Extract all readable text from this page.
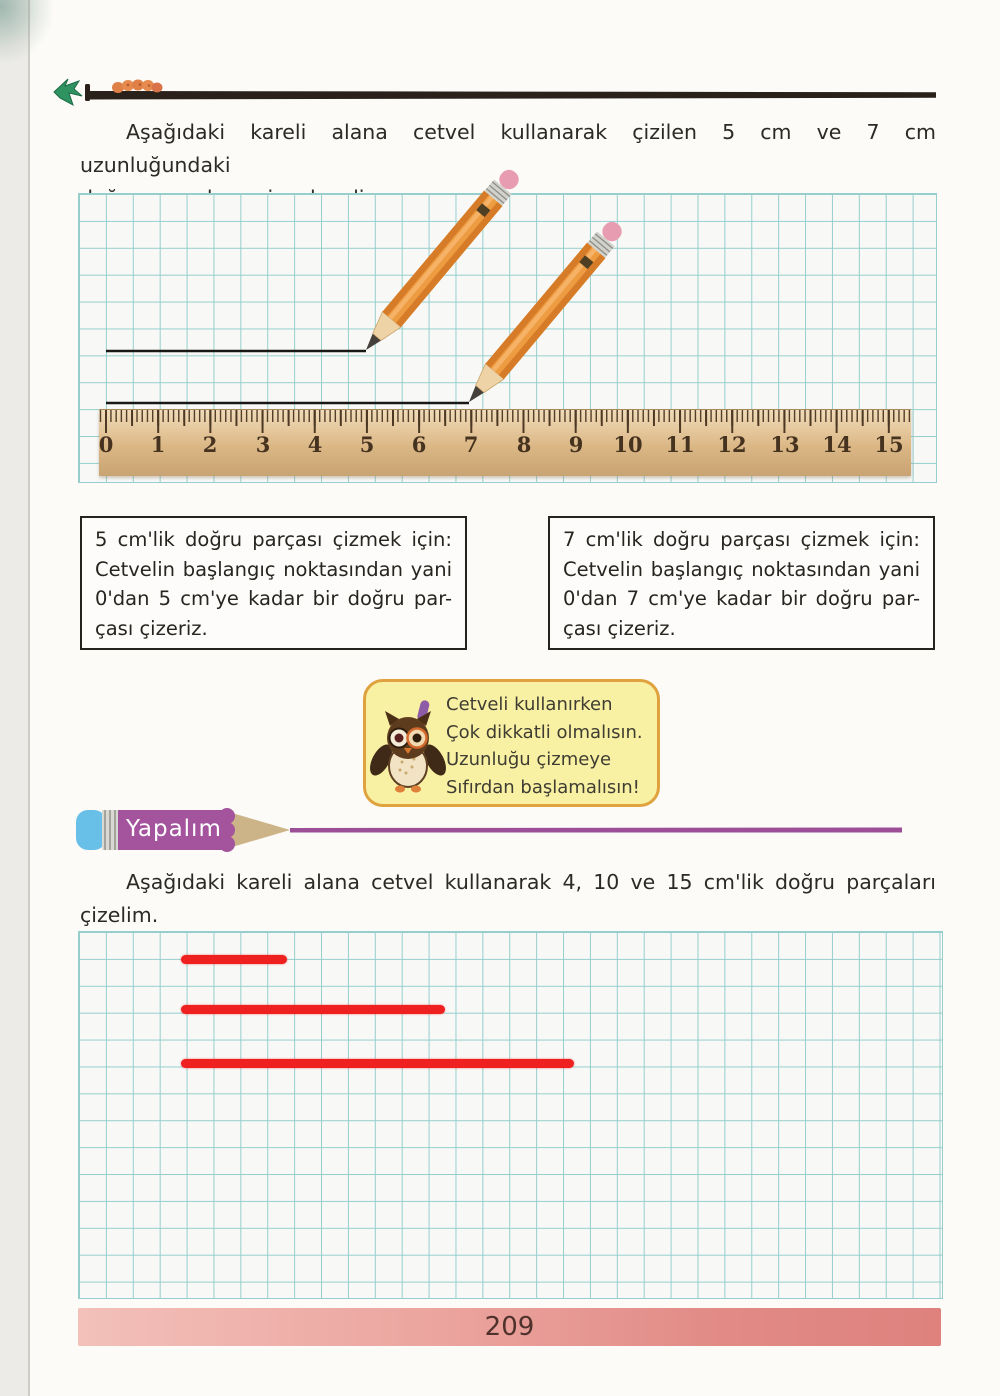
Aşağıdaki kareli alana cetvel kullanarak çizilen 5 cm ve 7 cm uzunluğundaki
0 1 2 3 4 5 6 7 8 9 10 11 12 13 14 15
5 cm'lik doğru parçası çizmek için:
Cetvelin başlangıç noktasından yani
0'dan 5 cm'ye kadar bir doğru par-
çası çizeriz.
7 cm'lik doğru parçası çizmek için:
Cetvelin başlangıç noktasından yani
0'dan 7 cm'ye kadar bir doğru par-
çası çizeriz.
Cetveli kullanırken
Çok dikkatli olmalısın.
Uzunluğu çizmeye
Sıfırdan başlamalısın!
Yapalım
Aşağıdaki kareli alana cetvel kullanarak 4, 10 ve 15 cm'lik doğru parçaları
çizelim.
209
